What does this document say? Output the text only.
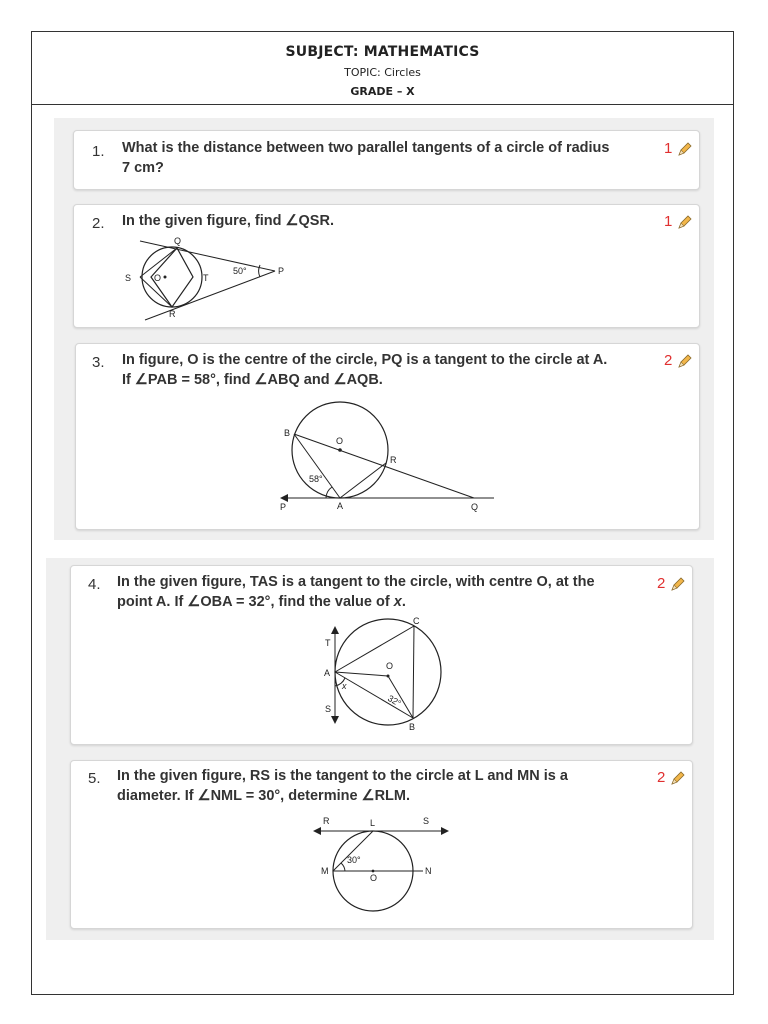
SUBJECT: MATHEMATICS
TOPIC: Circles
GRADE – X
1. What is the distance between two parallel tangents of a circle of radius
7 cm?
1
2. In the given figure, find ∠QSR.	1
Q
S	O	T
50°	P
R
3. In figure, O is the centre of the circle, PQ is a tangent to the circle at A.
If ∠PAB = 58°, find ∠ABQ and ∠AQB.
2
B
O
R
58°
P	A	Q
4. In the given figure, TAS is a tangent to the circle, with centre O, at the
point A. If ∠OBA = 32°, find the value of x.
2
T
C
O
A
x
32°
S
B
5. In the given figure, RS is the tangent to the circle at L and MN is a
diameter. If ∠NML = 30°, determine ∠RLM.
2
R	L	S
30°
M
O
N
